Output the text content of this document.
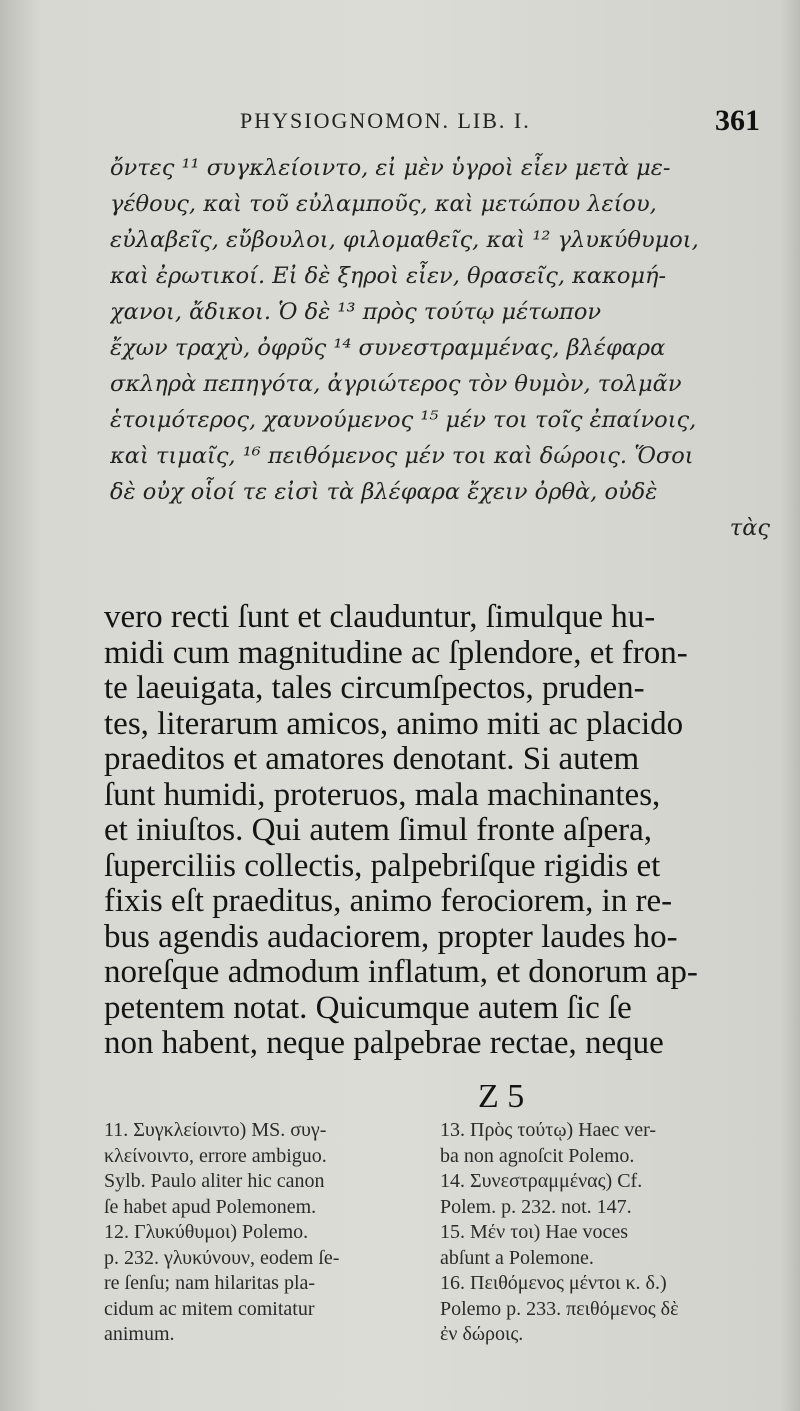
PHYSIOGNOMON. LIB. I.	361
ὄντες ¹¹ συγκλείοιντο, εἰ μὲν ὑγροὶ εἶεν μετὰ με-
γέθους, καὶ τοῦ εὐλαμποῦς, καὶ μετώπου λείου,
εὐλαβεῖς, εὔβουλοι, φιλομαθεῖς, καὶ ¹² γλυκύθυμοι,
καὶ ἐρωτικοί. Εἰ δὲ ξηροὶ εἶεν, θρασεῖς, κακομή-
χανοι, ἄδικοι. Ὁ δὲ ¹³ πρὸς τούτῳ μέτωπον
ἔχων τραχὺ, ὀφρῦς ¹⁴ συνεστραμμένας, βλέφαρα
σκληρὰ πεπηγότα, ἀγριώτερος τὸν θυμὸν, τολμᾶν
ἑτοιμότερος, χαυνούμενος ¹⁵ μέν τοι τοῖς ἐπαίνοις,
καὶ τιμαῖς, ¹⁶ πειθόμενος μέν τοι καὶ δώροις. Ὅσοι
δὲ οὐχ οἷοί τε εἰσὶ τὰ βλέφαρα ἔχειν ὀρθὰ, οὐδὲ
τὰς
vero recti ſunt et clauduntur, ſimulque hu-
midi cum magnitudine ac ſplendore, et fron-
te laeuigata, tales circumſpectos, pruden-
tes, literarum amicos, animo miti ac placido
praeditos et amatores denotant. Si autem
ſunt humidi, proteruos, mala machinantes,
et iniuſtos. Qui autem ſimul fronte aſpera,
ſuperciliis collectis, palpebriſque rigidis et
fixis eſt praeditus, animo ferociorem, in re-
bus agendis audaciorem, propter laudes ho-
noreſque admodum inflatum, et donorum ap-
petentem notat. Quicumque autem ſic ſe
non habent, neque palpebrae rectae, neque
Z 5
11. Συγκλείοιντο) MS. συγ-
κλείνοιντο, errore ambiguo.
Sylb. Paulo aliter hic canon
ſe habet apud Polemonem.
12. Γλυκύθυμοι) Polemo.
p. 232. γλυκύνουν, eodem ſe-
re ſenſu; nam hilaritas pla-
cidum ac mitem comitatur
animum.
13. Πρὸς τούτῳ) Haec ver-
ba non agnoſcit Polemo.
14. Συνεστραμμένας) Cf.
Polem. p. 232. not. 147.
15. Μέν τοι) Hae voces
abſunt a Polemone.
16. Πειθόμενος μέντοι κ. δ.)
Polemo p. 233. πειθόμενος δὲ
ἐν δώροις.
